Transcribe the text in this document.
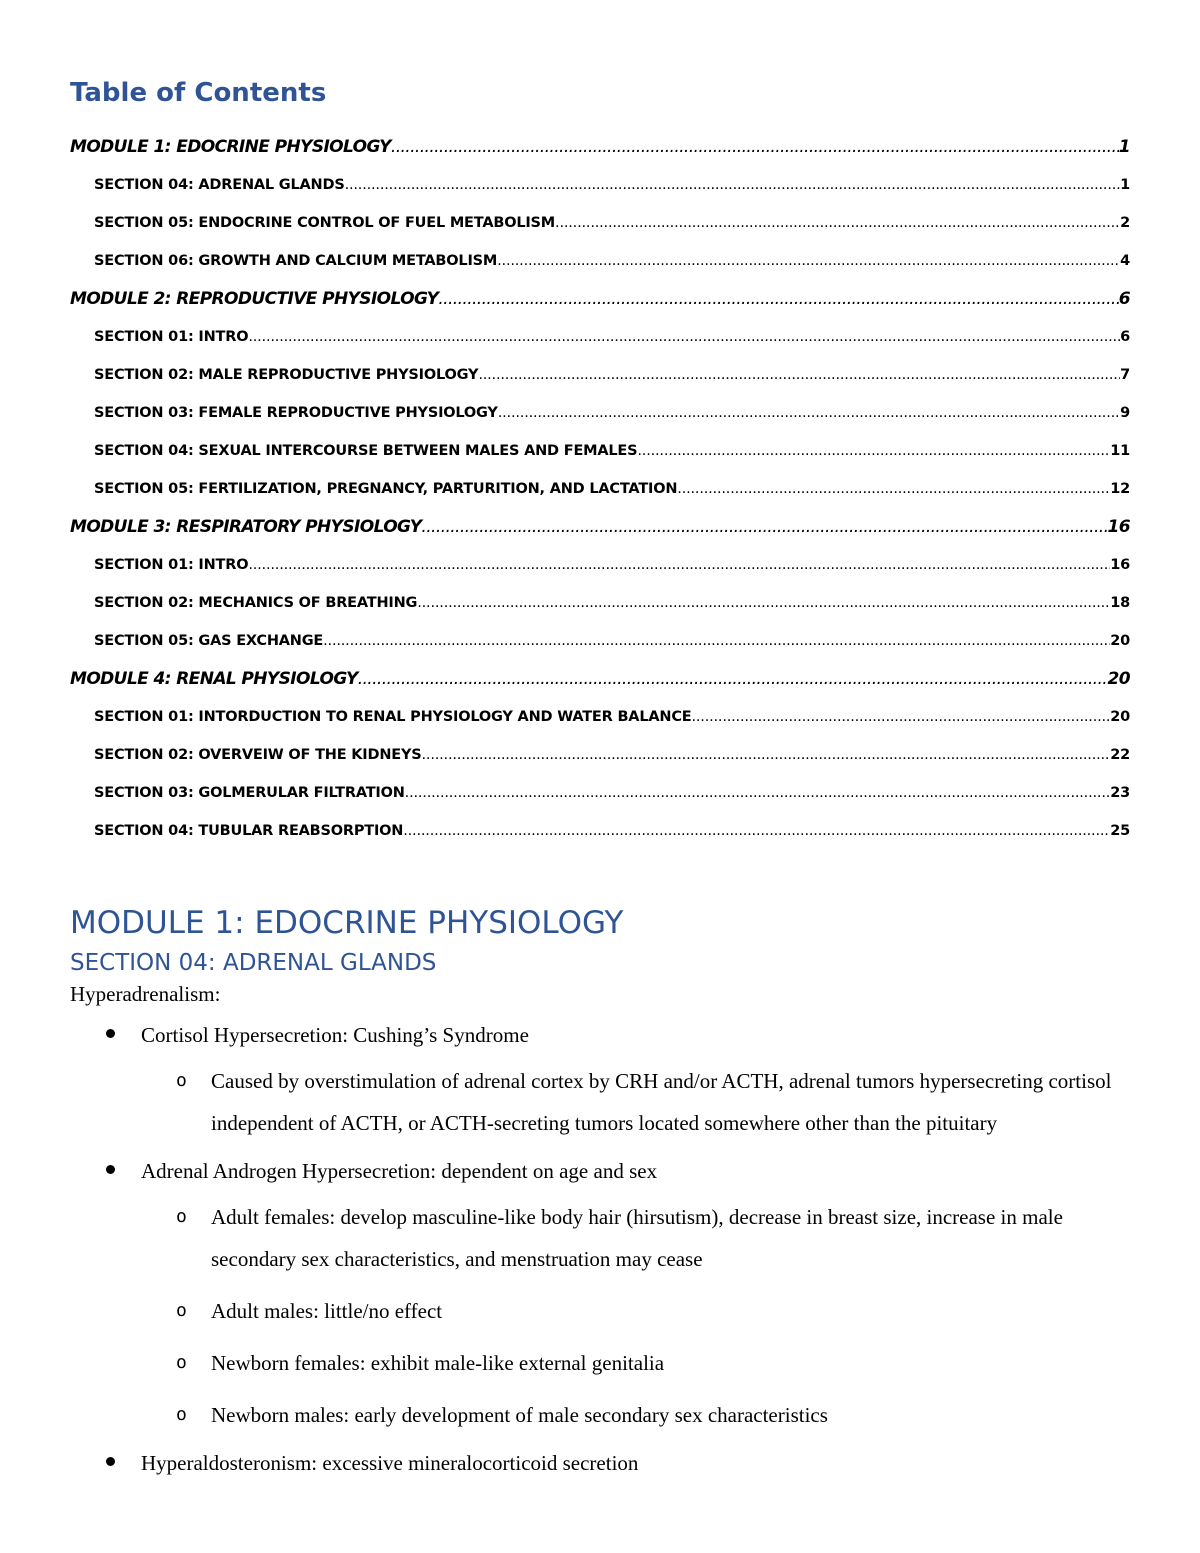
Table of Contents
MODULE 1: EDOCRINE PHYSIOLOGY .....	1
SECTION 04: ADRENAL GLANDS .....	1
SECTION 05: ENDOCRINE CONTROL OF FUEL METABOLISM .....	2
SECTION 06: GROWTH AND CALCIUM METABOLISM .....	4
MODULE 2: REPRODUCTIVE PHYSIOLOGY .....	6
SECTION 01: INTRO .....	6
SECTION 02: MALE REPRODUCTIVE PHYSIOLOGY .....	7
SECTION 03: FEMALE REPRODUCTIVE PHYSIOLOGY .....	9
SECTION 04: SEXUAL INTERCOURSE BETWEEN MALES AND FEMALES .....	11
SECTION 05: FERTILIZATION, PREGNANCY, PARTURITION, AND LACTATION .....	12
MODULE 3: RESPIRATORY PHYSIOLOGY .....	16
SECTION 01: INTRO .....	16
SECTION 02: MECHANICS OF BREATHING .....	18
SECTION 05: GAS EXCHANGE .....	20
MODULE 4: RENAL PHYSIOLOGY .....	20
SECTION 01: INTORDUCTION TO RENAL PHYSIOLOGY AND WATER BALANCE .....	20
SECTION 02: OVERVEIW OF THE KIDNEYS .....	22
SECTION 03: GOLMERULAR FILTRATION .....	23
SECTION 04: TUBULAR REABSORPTION .....	25
MODULE 1: EDOCRINE PHYSIOLOGY
SECTION 04: ADRENAL GLANDS
Hyperadrenalism:
Cortisol Hypersecretion: Cushing’s Syndrome
o Caused by overstimulation of adrenal cortex by CRH and/or ACTH, adrenal tumors hypersecreting cortisol independent of ACTH, or ACTH-secreting tumors located somewhere other than the pituitary
Adrenal Androgen Hypersecretion: dependent on age and sex
o Adult females: develop masculine-like body hair (hirsutism), decrease in breast size, increase in male secondary sex characteristics, and menstruation may cease
o Adult males: little/no effect
o Newborn females: exhibit male-like external genitalia
o Newborn males: early development of male secondary sex characteristics
Hyperaldosteronism: excessive mineralocorticoid secretion
